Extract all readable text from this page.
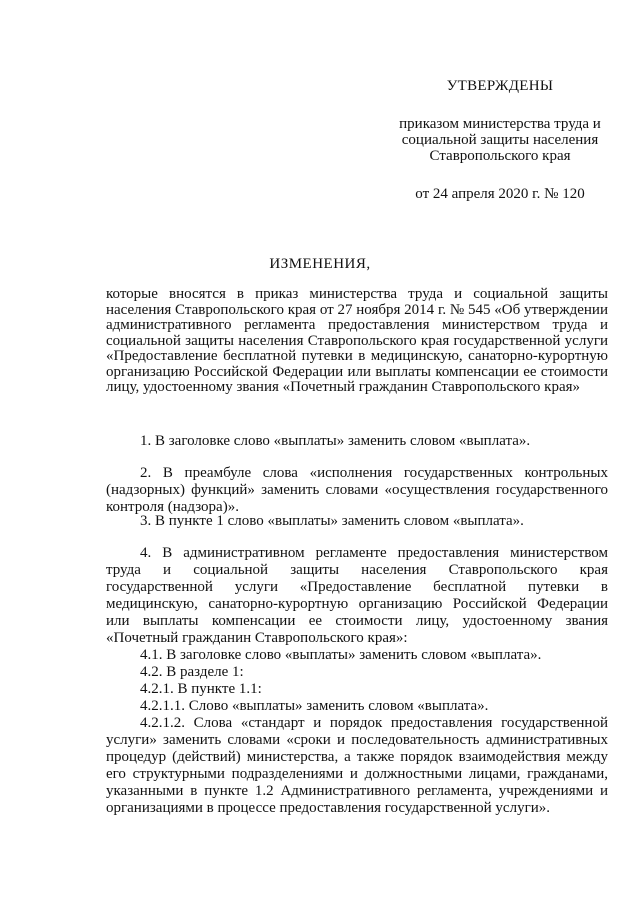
УТВЕРЖДЕНЫ
приказом министерства труда и
социальной защиты населения
Ставропольского края
от 24 апреля 2020 г. № 120
ИЗМЕНЕНИЯ,
которые вносятся в приказ министерства труда и социальной защиты населения Ставропольского края от 27 ноября 2014 г. № 545 «Об утверждении административного регламента предоставления министерством труда и социальной защиты населения Ставропольского края государственной услуги «Предоставление бесплатной путевки в медицинскую, санаторно-курортную организацию Российской Федерации или выплаты компенсации ее стоимости лицу, удостоенному звания «Почетный гражданин Ставропольского края»
1. В заголовке слово «выплаты» заменить словом «выплата».
2. В преамбуле слова «исполнения государственных контрольных (надзорных) функций» заменить словами «осуществления государственного контроля (надзора)».
3. В пункте 1 слово «выплаты» заменить словом «выплата».
4. В административном регламенте предоставления министерством труда и социальной защиты населения Ставропольского края государственной услуги «Предоставление бесплатной путевки в медицинскую, санаторно-курортную организацию Российской Федерации или выплаты компенсации ее стоимости лицу, удостоенному звания «Почетный гражданин Ставропольского края»:
4.1. В заголовке слово «выплаты» заменить словом «выплата».
4.2. В разделе 1:
4.2.1. В пункте 1.1:
4.2.1.1. Слово «выплаты» заменить словом «выплата».
4.2.1.2. Слова «стандарт и порядок предоставления государственной услуги» заменить словами «сроки и последовательность административных процедур (действий) министерства, а также порядок взаимодействия между его структурными подразделениями и должностными лицами, гражданами, указанными в пункте 1.2 Административного регламента, учреждениями и организациями в процессе предоставления государственной услуги».
